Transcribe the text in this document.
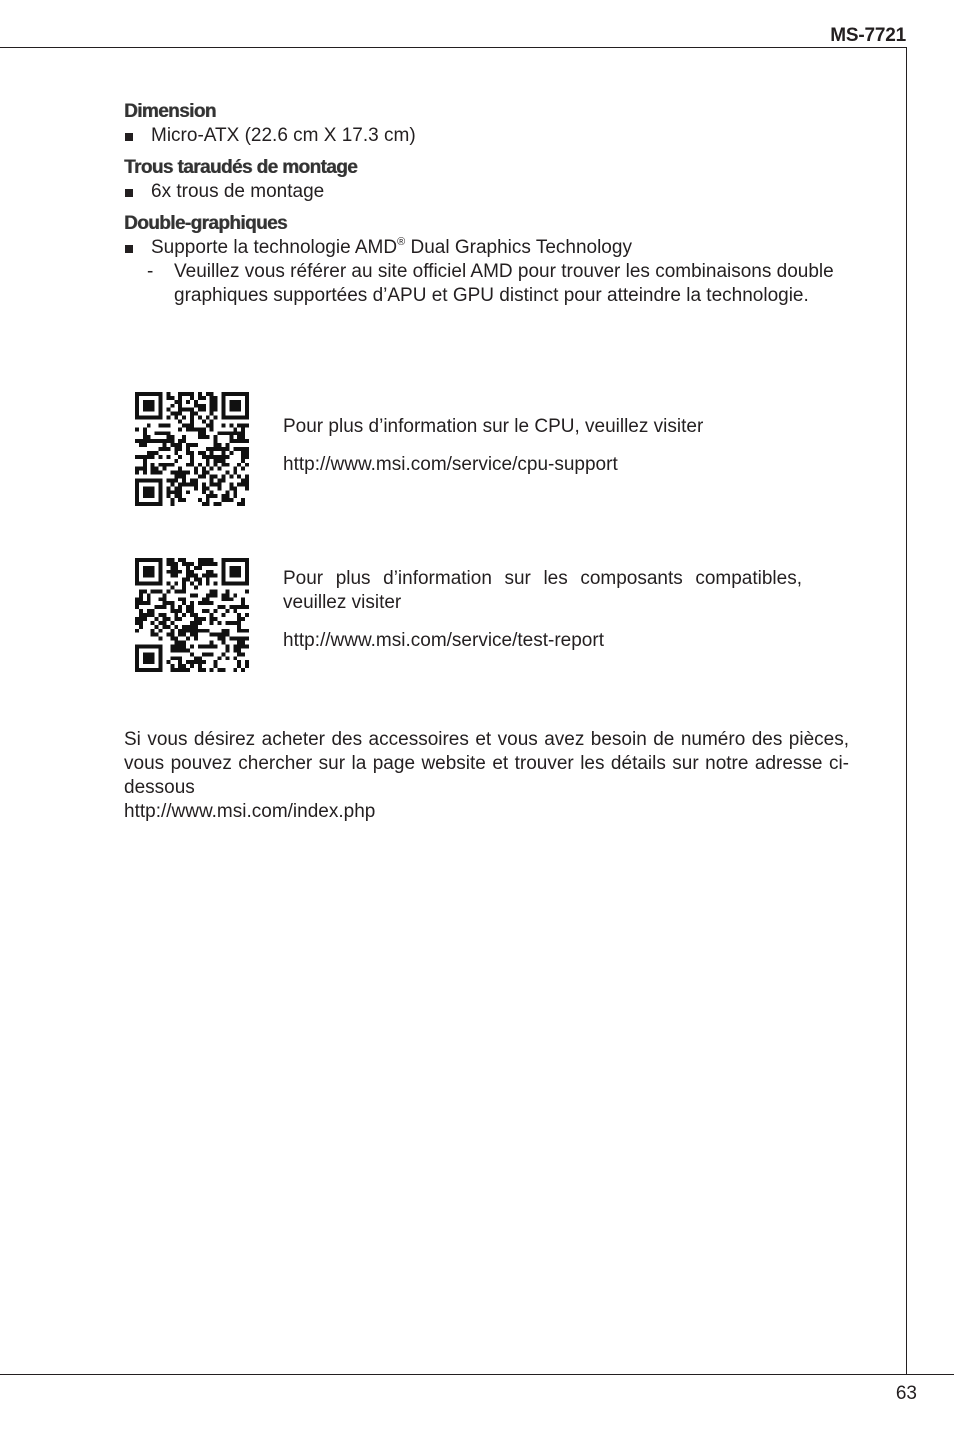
MS-7721
Dimension
Micro-ATX (22.6 cm X 17.3 cm)
Trous taraudés de montage
6x trous de montage
Double-graphiques
Supporte la technologie AMD® Dual Graphics Technology
- Veuillez vous référer au site officiel AMD pour trouver les combinaisons double graphiques supportées d’APU et GPU distinct pour atteindre la technologie.

Pour plus d’information sur le CPU, veuillez visiter

http://www.msi.com/service/cpu-support

Pour plus d’information sur les composants compatibles, veuillez visiter

http://www.msi.com/service/test-report

Si vous désirez acheter des accessoires et vous avez besoin de numéro des pièces, vous pouvez chercher sur la page website et trouver les détails sur notre adresse ci-dessous

http://www.msi.com/index.php
63
